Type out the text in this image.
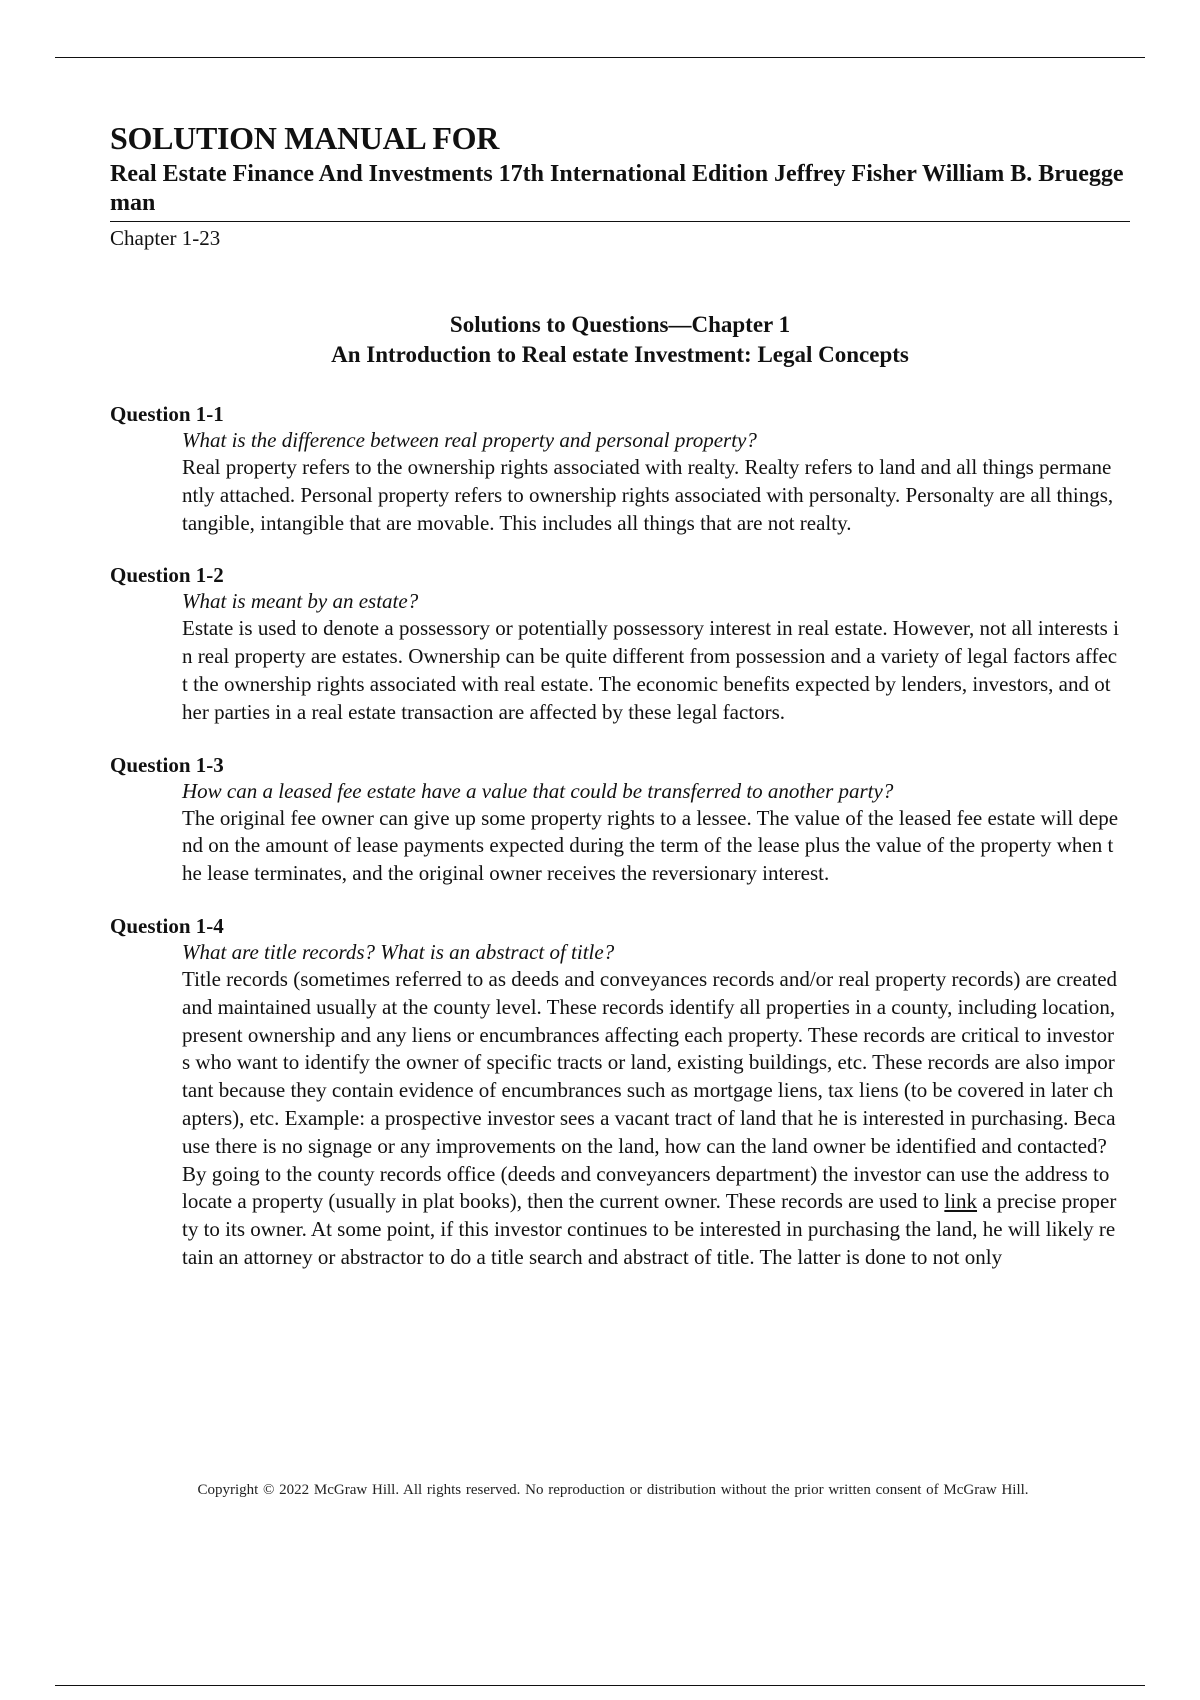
SOLUTION MANUAL FOR
Real Estate Finance And Investments 17th International Edition Jeffrey Fisher William B. Brueggeman
Chapter 1-23
Solutions to Questions—Chapter 1
An Introduction to Real estate Investment: Legal Concepts
Question 1-1
What is the difference between real property and personal property?
Real property refers to the ownership rights associated with realty. Realty refers to land and all things permanently attached. Personal property refers to ownership rights associated with personalty. Personalty are all things, tangible, intangible that are movable. This includes all things that are not realty.
Question 1-2
What is meant by an estate?
Estate is used to denote a possessory or potentially possessory interest in real estate. However, not all interests in real property are estates. Ownership can be quite different from possession and a variety of legal factors affect the ownership rights associated with real estate. The economic benefits expected by lenders, investors, and other parties in a real estate transaction are affected by these legal factors.
Question 1-3
How can a leased fee estate have a value that could be transferred to another party?
The original fee owner can give up some property rights to a lessee. The value of the leased fee estate will depend on the amount of lease payments expected during the term of the lease plus the value of the property when the lease terminates, and the original owner receives the reversionary interest.
Question 1-4
What are title records? What is an abstract of title?
Title records (sometimes referred to as deeds and conveyances records and/or real property records) are created and maintained usually at the county level. These records identify all properties in a county, including location, present ownership and any liens or encumbrances affecting each property. These records are critical to investors who want to identify the owner of specific tracts or land, existing buildings, etc. These records are also important because they contain evidence of encumbrances such as mortgage liens, tax liens (to be covered in later chapters), etc. Example: a prospective investor sees a vacant tract of land that he is interested in purchasing. Because there is no signage or any improvements on the land, how can the land owner be identified and contacted? By going to the county records office (deeds and conveyancers department) the investor can use the address to locate a property (usually in plat books), then the current owner. These records are used to link a precise property to its owner. At some point, if this investor continues to be interested in purchasing the land, he will likely retain an attorney or abstractor to do a title search and abstract of title. The latter is done to not only
Copyright © 2022 McGraw Hill. All rights reserved. No reproduction or distribution without the prior written consent of McGraw Hill.
